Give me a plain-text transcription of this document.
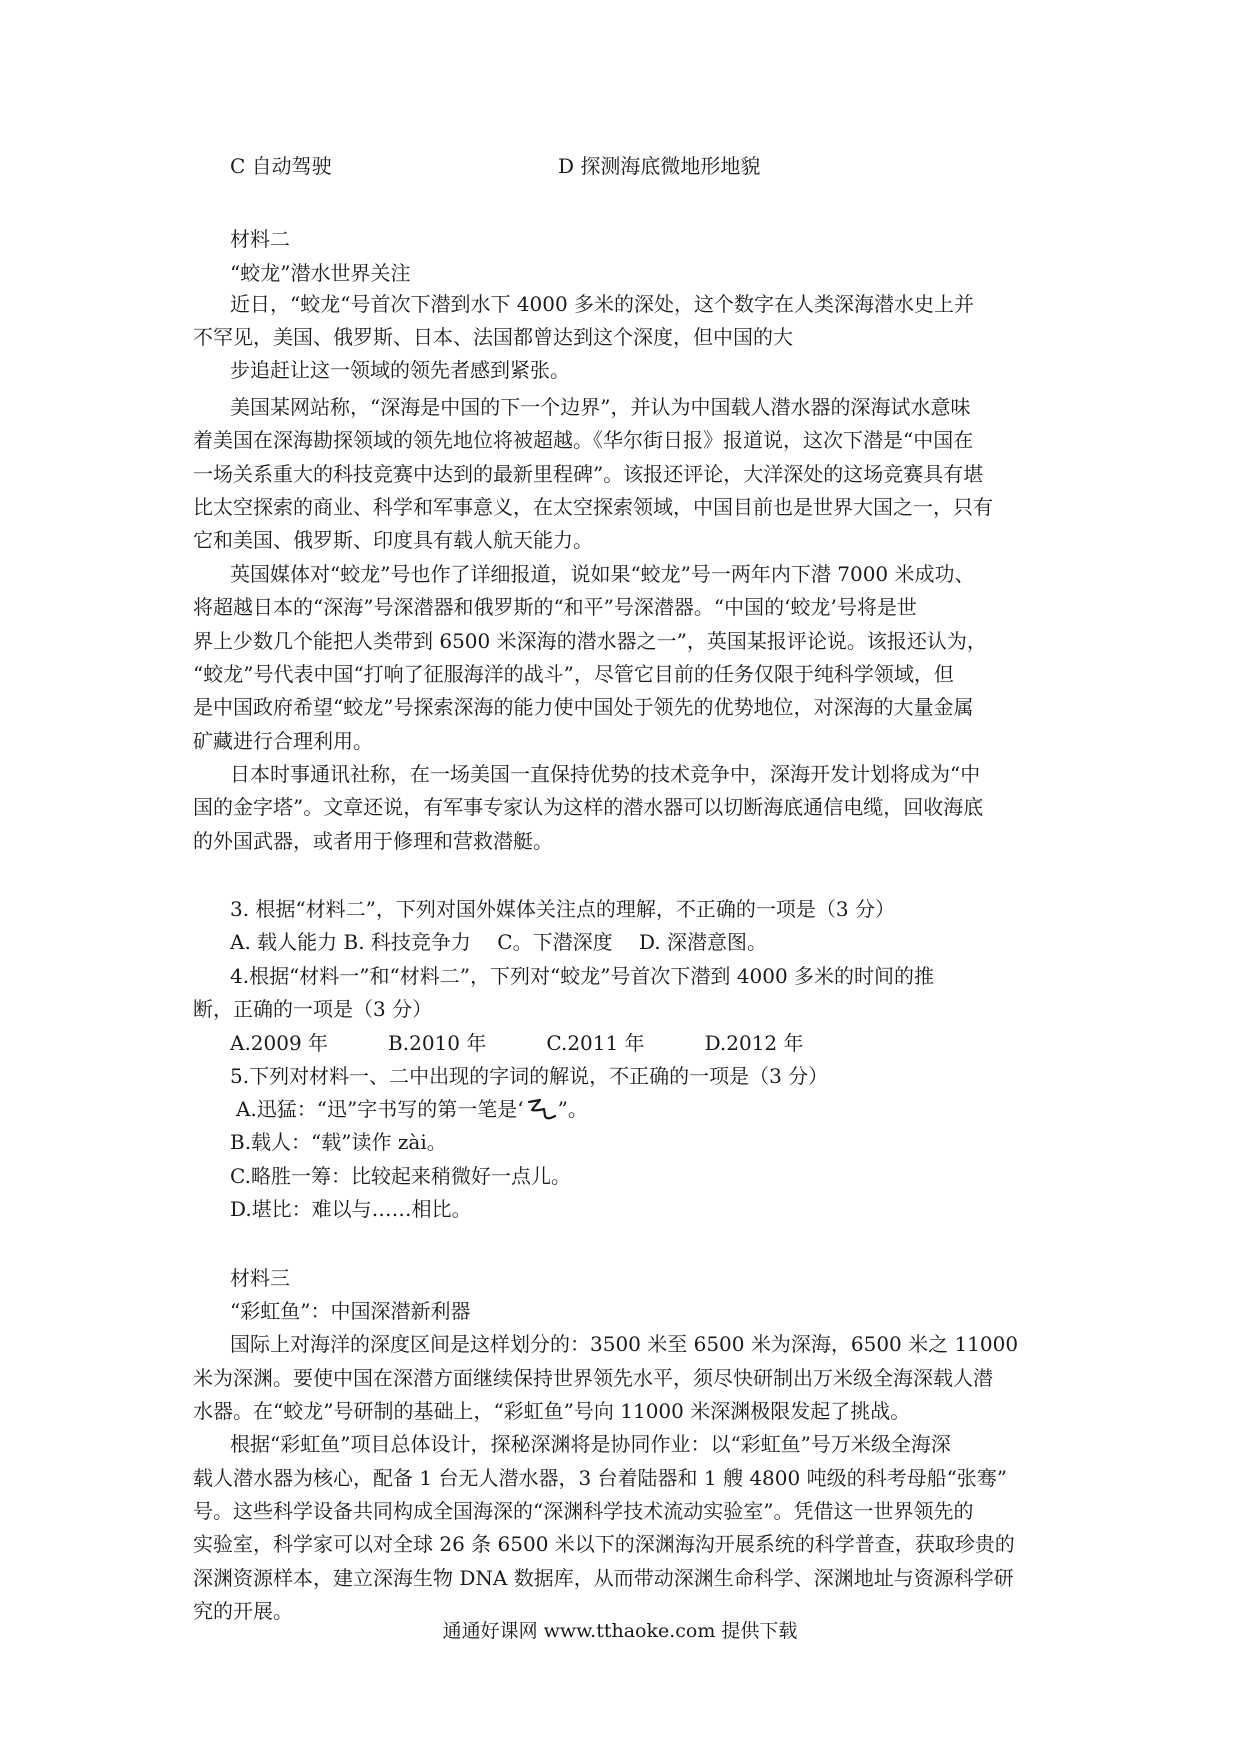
C 自动驾驶	D 探测海底微地形地貌
材料二
“蛟龙”潜水世界关注
近日，“蛟龙“号首次下潜到水下 4000 多米的深处，这个数字在人类深海潜水史上并
不罕见，美国、俄罗斯、日本、法国都曾达到这个深度，但中国的大
步追赶让这一领域的领先者感到紧张。
美国某网站称，“深海是中国的下一个边界”，并认为中国载人潜水器的深海试水意味
着美国在深海勘探领域的领先地位将被超越。《华尔街日报》报道说，这次下潜是“中国在
一场关系重大的科技竞赛中达到的最新里程碑”。该报还评论，大洋深处的这场竞赛具有堪
比太空探索的商业、科学和军事意义，在太空探索领域，中国目前也是世界大国之一，只有
它和美国、俄罗斯、印度具有载人航天能力。
英国媒体对“蛟龙”号也作了详细报道，说如果“蛟龙”号一两年内下潜 7000 米成功、
将超越日本的“深海”号深潜器和俄罗斯的“和平”号深潜器。“中国的‘蛟龙’号将是世
界上少数几个能把人类带到 6500 米深海的潜水器之一”，英国某报评论说。该报还认为，
“蛟龙”号代表中国“打响了征服海洋的战斗”，尽管它目前的任务仅限于纯科学领域，但
是中国政府希望“蛟龙”号探索深海的能力使中国处于领先的优势地位，对深海的大量金属
矿藏进行合理利用。
日本时事通讯社称，在一场美国一直保持优势的技术竞争中，深海开发计划将成为“中
国的金字塔”。文章还说，有军事专家认为这样的潜水器可以切断海底通信电缆，回收海底
的外国武器，或者用于修理和营救潜艇。
3. 根据“材料二”，下列对国外媒体关注点的理解，不正确的一项是（3 分）
A. 载人能力 B. 科技竞争力　 C。下潜深度　 D. 深潜意图。
4.根据“材料一”和“材料二”，下列对“蛟龙”号首次下潜到 4000 多米的时间的推
断，正确的一项是（3 分）
A.2009 年　　　B.2010 年　　　C.2011 年　　　D.2012 年
5.下列对材料一、二中出现的字词的解说，不正确的一项是（3 分）
A.迅猛：“迅”字书写的第一笔是‘ ”。
B.载人：“载”读作 zài。
C.略胜一筹：比较起来稍微好一点儿。
D.堪比：难以与……相比。
材料三
“彩虹鱼”：中国深潜新利器
国际上对海洋的深度区间是这样划分的：3500 米至 6500 米为深海，6500 米之 11000
米为深渊。要使中国在深潜方面继续保持世界领先水平，须尽快研制出万米级全海深载人潜
水器。在“蛟龙”号研制的基础上，“彩虹鱼”号向 11000 米深渊极限发起了挑战。
根据“彩虹鱼”项目总体设计，探秘深渊将是协同作业：以“彩虹鱼”号万米级全海深
载人潜水器为核心，配备 1 台无人潜水器，3 台着陆器和 1 艘 4800 吨级的科考母船“张骞”
号。这些科学设备共同构成全国海深的“深渊科学技术流动实验室”。凭借这一世界领先的
实验室，科学家可以对全球 26 条 6500 米以下的深渊海沟开展系统的科学普查，获取珍贵的
深渊资源样本，建立深海生物 DNA 数据库，从而带动深渊生命科学、深渊地址与资源科学研
究的开展。
通通好课网 www.tthaoke.com 提供下载
